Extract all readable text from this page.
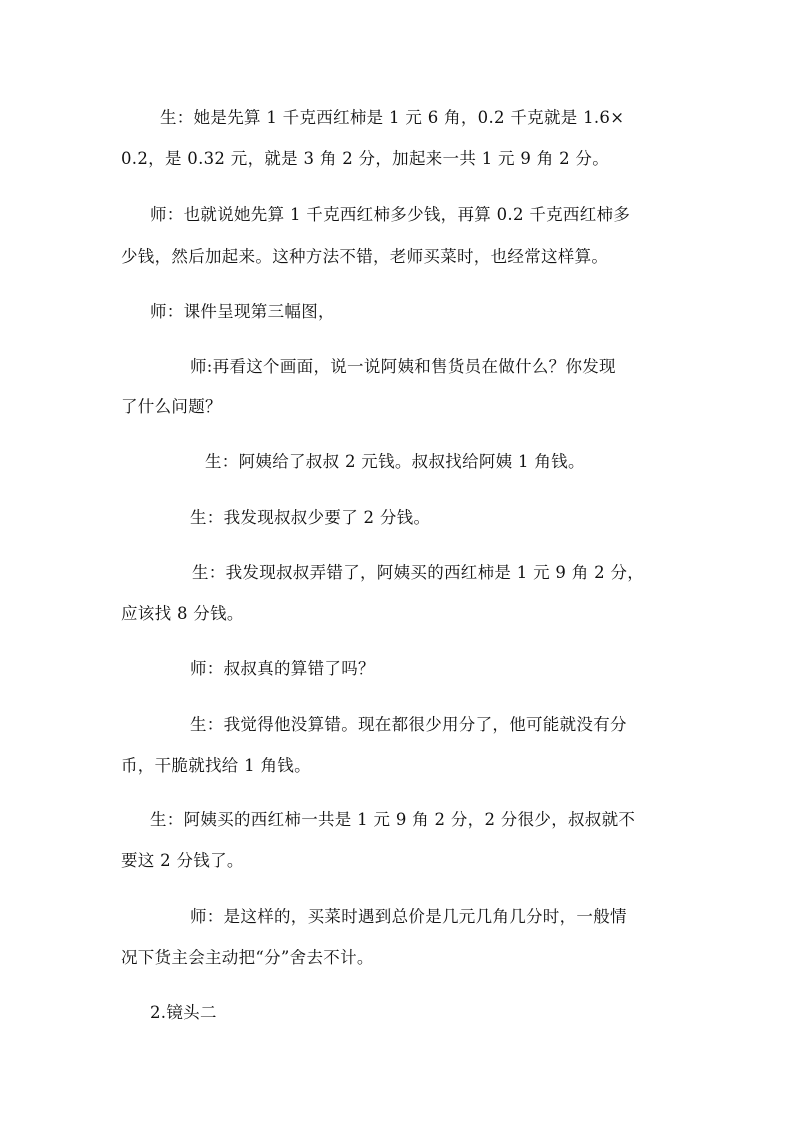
生：她是先算 1 千克西红柿是 1 元 6 角，0.2 千克就是 1.6×
0.2，是 0.32 元，就是 3 角 2 分，加起来一共 1 元 9 角 2 分。
师：也就说她先算 1 千克西红柿多少钱，再算 0.2 千克西红柿多
少钱，然后加起来。这种方法不错，老师买菜时，也经常这样算。
师：课件呈现第三幅图，
师:再看这个画面，说一说阿姨和售货员在做什么？你发现
了什么问题？
生：阿姨给了叔叔 2 元钱。叔叔找给阿姨 1 角钱。
生：我发现叔叔少要了 2 分钱。
生：我发现叔叔弄错了，阿姨买的西红柿是 1 元 9 角 2 分，
应该找 8 分钱。
师：叔叔真的算错了吗？
生：我觉得他没算错。现在都很少用分了，他可能就没有分
币，干脆就找给 1 角钱。
生：阿姨买的西红柿一共是 1 元 9 角 2 分，2 分很少，叔叔就不
要这 2 分钱了。
师：是这样的，买菜时遇到总价是几元几角几分时，一般情
况下货主会主动把“分”舍去不计。
2.镜头二
